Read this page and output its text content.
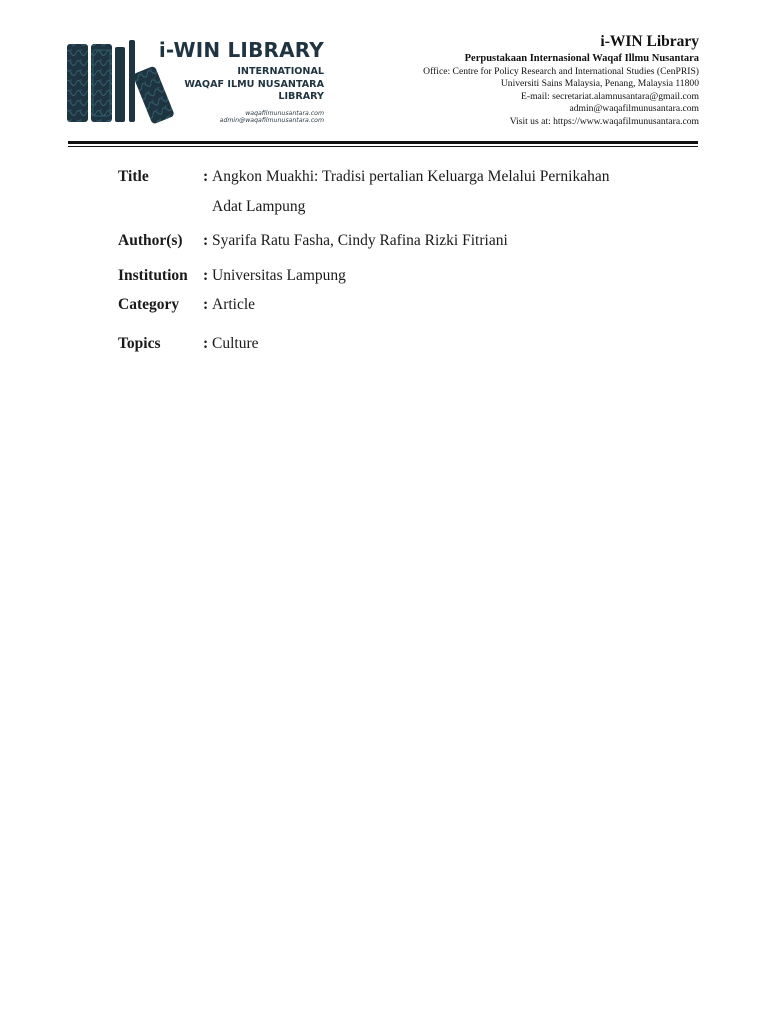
i-WIN LIBRARY
INTERNATIONAL
WAQAF ILMU NUSANTARA
LIBRARY
waqafilmunusantara.com
admin@waqafilmunusantara.com
i-WIN Library
Perpustakaan Internasional Waqaf Illmu Nusantara
Office: Centre for Policy Research and International Studies (CenPRIS)
Universiti Sains Malaysia, Penang, Malaysia 11800
E-mail: secretariat.alamnusantara@gmail.com
admin@waqafilmunusantara.com
Visit us at: https://www.waqafilmunusantara.com
Title	: Angkon Muakhi: Tradisi pertalian Keluarga Melalui Pernikahan
Adat Lampung
Author(s) : Syarifa Ratu Fasha, Cindy Rafina Rizki Fitriani
Institution : Universitas Lampung
Category : Article
Topics	: Culture
